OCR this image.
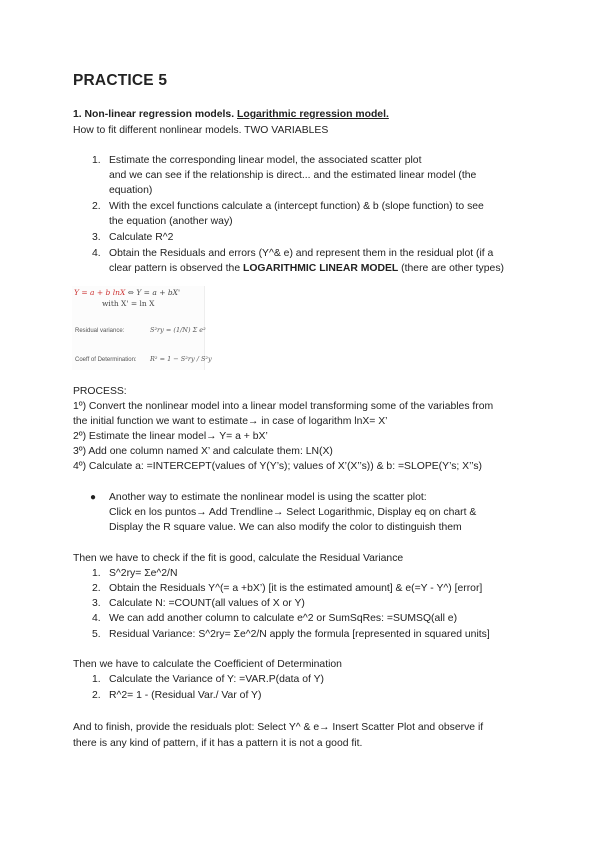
PRACTICE 5
1. Non-linear regression models. Logarithmic regression model.
How to fit different nonlinear models. TWO VARIABLES
1. Estimate the corresponding linear model, the associated scatter plot
and we can see if the relationship is direct... and the estimated linear model (the
equation)
2. With the excel functions calculate a (intercept function) & b (slope function) to see
the equation (another way)
3. Calculate R^2
4. Obtain the Residuals and errors (Y^& e) and represent them in the residual plot (if a
clear pattern is observed the LOGARITHMIC LINEAR MODEL (there are other types)
Y = a + b lnX ⇔ Y = a + bX'
with X' = ln X
Residual variance:	S²ry = (1/N) Σ e²
Coeff of Determination: R² = 1 − S²ry / S²y
PROCESS:
1º) Convert the nonlinear model into a linear model transforming some of the variables from
the initial function we want to estimate→ in case of logarithm lnX= X’
2º) Estimate the linear model→ Y= a + bX’
3º) Add one column named X’ and calculate them: LN(X)
4º) Calculate a: =INTERCEPT(values of Y(Y’s); values of X’(X’’s)) & b: =SLOPE(Y’s; X’’s)
● Another way to estimate the nonlinear model is using the scatter plot:
Click en los puntos→ Add Trendline→ Select Logarithmic, Display eq on chart &
Display the R square value. We can also modify the color to distinguish them
Then we have to check if the fit is good, calculate the Residual Variance
1. S^2ry= Σe^2/N
2. Obtain the Residuals Y^(= a +bX’) [it is the estimated amount] & e(=Y - Y^) [error]
3. Calculate N: =COUNT(all values of X or Y)
4. We can add another column to calculate e^2 or SumSqRes: =SUMSQ(all e)
5. Residual Variance: S^2ry= Σe^2/N apply the formula [represented in squared units]
Then we have to calculate the Coefficient of Determination
1. Calculate the Variance of Y: =VAR.P(data of Y)
2. R^2= 1 - (Residual Var./ Var of Y)
And to finish, provide the residuals plot: Select Y^ & e→ Insert Scatter Plot and observe if
there is any kind of pattern, if it has a pattern it is not a good fit.
